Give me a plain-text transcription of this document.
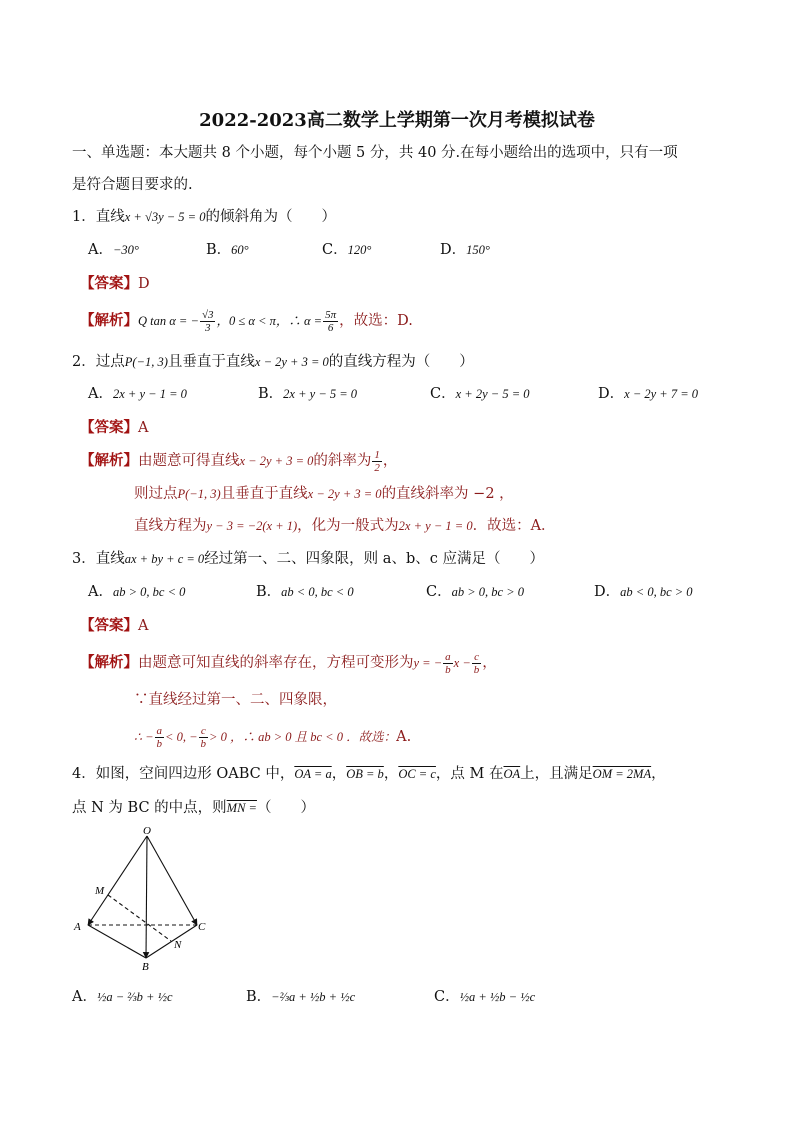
2022-2023高二数学上学期第一次月考模拟试卷
一、单选题：本大题共 8 个小题，每个小题 5 分，共 40 分.在每小题给出的选项中，只有一项
是符合题目要求的.
1．直线x + √3y − 5 = 0的倾斜角为（　　）
A．−30°	B．60°	C．120°	D．150°
【答案】D
【解析】Q tan α = − $\frac{√3}{3}$ ，0 ≤ α < π，∴ $\alpha = \frac{5\pi}{6}$ ，故选：D.
2．过点P(−1, 3)且垂直于直线x − 2y + 3 = 0的直线方程为（　　）
A．2x + y − 1 = 0	B．2x + y − 5 = 0	C．x + 2y − 5 = 0	D．x − 2y + 7 = 0
【答案】A
【解析】由题意可得直线x − 2y + 3 = 0的斜率为 $\frac{1}{2}$ ，
则过点P(−1, 3)且垂直于直线x − 2y + 3 = 0的直线斜率为 −2 ，
直线方程为y − 3 = −2(x + 1)，化为一般式为2x + y − 1 = 0．故选：A．
3．直线ax + by + c = 0经过第一、二、四象限，则 a、b、c 应满足（　　）
A．ab > 0, bc < 0	B．ab < 0, bc < 0	C．ab > 0, bc > 0	D．ab < 0, bc > 0
【答案】A
【解析】由题意可知直线的斜率存在，方程可变形为y = − $\frac{a}{b}$ $x - \frac{c}{b}$ ，
∵直线经过第一、二、四象限，
∴ − $\frac{a}{b} < 0$, − $\frac{c}{b} > 0$ ，∴ ab > 0 且 bc < 0 ．故选：A.
4．如图，空间四边形 OABC 中，OA = a，OB = b，OC = c，点 M 在$\overline{OA}$上，且满足OM = 2MA，
点 N 为 BC 的中点，则MN =（　　）
O
M
A	C
N
B
A．½a − ⅔b + ½c	B．−⅔a + ½b + ½c	C．½a + ½b − ½c
